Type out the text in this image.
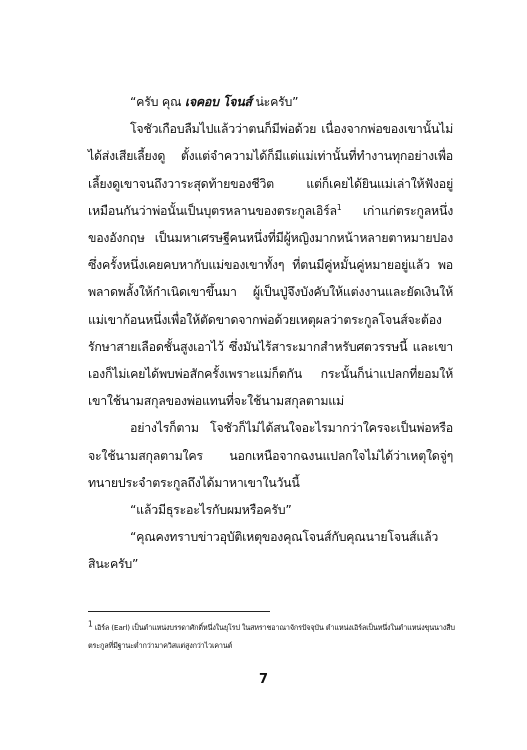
“ครับ คุณ เจคอบ โจนส์ น่ะครับ”

โจชัวเกือบลืมไปแล้วว่าตนก็มีพ่อด้วย เนื่องจากพ่อของเขานั้นไม่ได้ส่งเสียเลี้ยงดู ตั้งแต่จำความได้ก็มีแต่แม่เท่านั้นที่ทำงานทุกอย่างเพื่อเลี้ยงดูเขาจนถึงวาระสุดท้ายของชีวิต แต่ก็เคยได้ยินแม่เล่าให้ฟังอยู่เหมือนกันว่าพ่อนั้นเป็นบุตรหลานของตระกูลเอิร์ล$^1$ เก่าแก่ตระกูลหนึ่งของอังกฤษ เป็นมหาเศรษฐีคนหนึ่งที่มีผู้หญิงมากหน้าหลายตาหมายปองซึ่งครั้งหนึ่งเคยคบหากับแม่ของเขาทั้งๆ ที่ตนมีคู่หมั้นคู่หมายอยู่แล้ว พอพลาดพลั้งให้กำเนิดเขาขึ้นมา ผู้เป็นปู่จึงบังคับให้แต่งงานและยัดเงินให้แม่เขาก้อนหนึ่งเพื่อให้ตัดขาดจากพ่อด้วยเหตุผลว่าตระกูลโจนส์จะต้องรักษาสายเลือดชั้นสูงเอาไว้ ซึ่งมันไร้สาระมากสำหรับศตวรรษนี้ และเขาเองก็ไม่เคยได้พบพ่อสักครั้งเพราะแม่ก็ตกัน กระนั้นก็น่าแปลกที่ยอมให้เขาใช้นามสกุลของพ่อแทนที่จะใช้นามสกุลตามแม่

อย่างไรก็ตาม โจชัวก็ไม่ได้สนใจอะไรมากว่าใครจะเป็นพ่อหรือจะใช้นามสกุลตามใคร นอกเหนือจากฉงนแปลกใจไม่ได้ว่าเหตุใดจู่ๆ ทนายประจำตระกูลถึงได้มาหาเขาในวันนี้

“แล้วมีธุระอะไรกับผมหรือครับ”

“คุณคงทราบข่าวอุบัติเหตุของคุณโจนส์กับคุณนายโจนส์แล้วสินะครับ”

1 เอิร์ล (Earl) เป็นตำแหน่งบรรดาศักดิ์หนึ่งในยุโรป ในสหราชอาณาจักรปัจจุบัน ตำแหน่งเอิร์ลเป็นหนึ่งในตำแหน่งขุนนางสืบตระกูลที่มีฐานะต่ำกว่ามาควิสแต่สูงกว่าไวเคานต์

7
